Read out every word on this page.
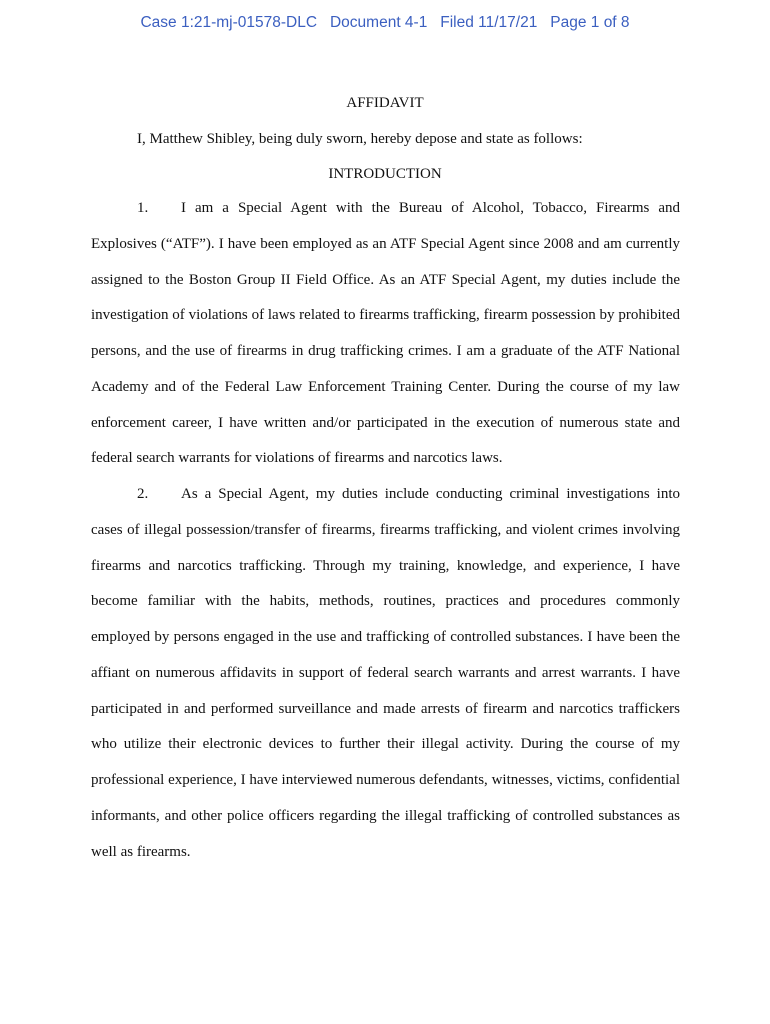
Case 1:21-mj-01578-DLC   Document 4-1   Filed 11/17/21   Page 1 of 8
AFFIDAVIT
I, Matthew Shibley, being duly sworn, hereby depose and state as follows:
INTRODUCTION
1. I am a Special Agent with the Bureau of Alcohol, Tobacco, Firearms and Explosives (“ATF”). I have been employed as an ATF Special Agent since 2008 and am currently assigned to the Boston Group II Field Office. As an ATF Special Agent, my duties include the investigation of violations of laws related to firearms trafficking, firearm possession by prohibited persons, and the use of firearms in drug trafficking crimes. I am a graduate of the ATF National Academy and of the Federal Law Enforcement Training Center. During the course of my law enforcement career, I have written and/or participated in the execution of numerous state and federal search warrants for violations of firearms and narcotics laws.
2. As a Special Agent, my duties include conducting criminal investigations into cases of illegal possession/transfer of firearms, firearms trafficking, and violent crimes involving firearms and narcotics trafficking. Through my training, knowledge, and experience, I have become familiar with the habits, methods, routines, practices and procedures commonly employed by persons engaged in the use and trafficking of controlled substances. I have been the affiant on numerous affidavits in support of federal search warrants and arrest warrants. I have participated in and performed surveillance and made arrests of firearm and narcotics traffickers who utilize their electronic devices to further their illegal activity. During the course of my professional experience, I have interviewed numerous defendants, witnesses, victims, confidential informants, and other police officers regarding the illegal trafficking of controlled substances as well as firearms.
